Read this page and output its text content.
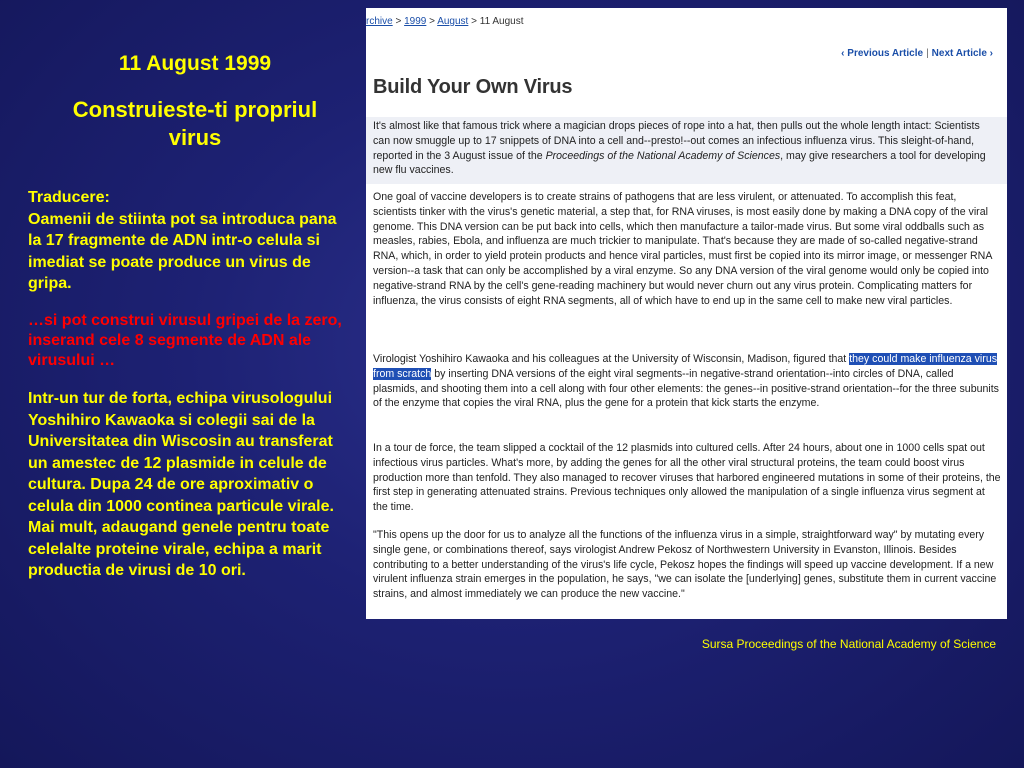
11 August 1999
Construieste-ti propriul virus
Traducere:
Oamenii de stiinta pot sa introduca pana la 17 fragmente de ADN intr-o celula si imediat se poate produce un virus de gripa.
…si pot construi virusul gripei de la zero, inserand cele 8 segmente de ADN ale virusului …
Intr-un tur de forta, echipa virusologului Yoshihiro Kawaoka si colegii sai de la Universitatea din Wiscosin au transferat un amestec de 12 plasmide in celule de cultura. Dupa 24 de ore aproximativ o celula din 1000 continea particule virale. Mai mult, adaugand genele pentru toate celelalte proteine virale, echipa a marit productia de virusi de 10 ori.
rchive > 1999 > August > 11 August
‹ Previous Article | Next Article ›
Build Your Own Virus
It's almost like that famous trick where a magician drops pieces of rope into a hat, then pulls out the whole length intact: Scientists can now smuggle up to 17 snippets of DNA into a cell and--presto!--out comes an infectious influenza virus. This sleight-of-hand, reported in the 3 August issue of the Proceedings of the National Academy of Sciences, may give researchers a tool for developing new flu vaccines.
One goal of vaccine developers is to create strains of pathogens that are less virulent, or attenuated. To accomplish this feat, scientists tinker with the virus's genetic material, a step that, for RNA viruses, is most easily done by making a DNA copy of the viral genome. This DNA version can be put back into cells, which then manufacture a tailor-made virus. But some viral oddballs such as measles, rabies, Ebola, and influenza are much trickier to manipulate. That's because they are made of so-called negative-strand RNA, which, in order to yield protein products and hence viral particles, must first be copied into its mirror image, or messenger RNA version--a task that can only be accomplished by a viral enzyme. So any DNA version of the viral genome would only be copied into negative-strand RNA by the cell's gene-reading machinery but would never churn out any virus protein. Complicating matters for influenza, the virus consists of eight RNA segments, all of which have to end up in the same cell to make new viral particles.
Virologist Yoshihiro Kawaoka and his colleagues at the University of Wisconsin, Madison, figured that they could make influenza virus from scratch by inserting DNA versions of the eight viral segments--in negative-strand orientation--into circles of DNA, called plasmids, and shooting them into a cell along with four other elements: the genes--in positive-strand orientation--for the three subunits of the enzyme that copies the viral RNA, plus the gene for a protein that kick starts the enzyme.
In a tour de force, the team slipped a cocktail of the 12 plasmids into cultured cells. After 24 hours, about one in 1000 cells spat out infectious virus particles. What's more, by adding the genes for all the other viral structural proteins, the team could boost virus production more than tenfold. They also managed to recover viruses that harbored engineered mutations in some of their proteins, the first step in generating attenuated strains. Previous techniques only allowed the manipulation of a single influenza virus segment at the time.
"This opens up the door for us to analyze all the functions of the influenza virus in a simple, straightforward way" by mutating every single gene, or combinations thereof, says virologist Andrew Pekosz of Northwestern University in Evanston, Illinois. Besides contributing to a better understanding of the virus's life cycle, Pekosz hopes the findings will speed up vaccine development. If a new virulent influenza strain emerges in the population, he says, "we can isolate the [underlying] genes, substitute them in current vaccine strains, and almost immediately we can produce the new vaccine."
Sursa Proceedings of the National Academy of Science
